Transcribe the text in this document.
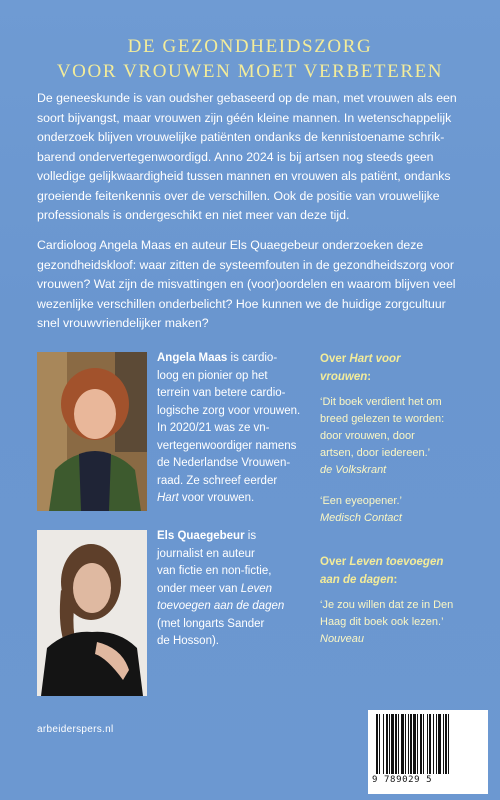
DE GEZONDHEIDSZORG
VOOR VROUWEN MOET VERBETEREN
De geneeskunde is van oudsher gebaseerd op de man, met vrouwen als een
soort bijvangst, maar vrouwen zijn géén kleine mannen. In wetenschappelijk
onderzoek blijven vrouwelijke patiënten ondanks de kennistoename schrik-
barend ondervertegenwoordigd. Anno 2024 is bij artsen nog steeds geen
volledige gelijkwaardigheid tussen mannen en vrouwen als patiënt, ondanks
groeiende feitenkennis over de verschillen. Ook de positie van vrouwelijke
professionals is ondergeschikt en niet meer van deze tijd.
Cardioloog Angela Maas en auteur Els Quaegebeur onderzoeken deze
gezondheidskloof: waar zitten de systeemfouten in de gezondheidszorg voor
vrouwen? Wat zijn de misvattingen en (voor)oordelen en waarom blijven veel
wezenlijke verschillen onderbelicht? Hoe kunnen we de huidige zorgcultuur
snel vrouwvriendelijker maken?
Angela Maas is cardio-
loog en pionier op het
terrein van betere cardio-
logische zorg voor vrouwen.
In 2020/21 was ze vn-
vertegenwoordiger namens
de Nederlandse Vrouwen-
raad. Ze schreef eerder
Hart voor vrouwen.
Els Quaegebeur is
journalist en auteur
van fictie en non-fictie,
onder meer van Leven
toevoegen aan de dagen
(met longarts Sander
de Hosson).
Over Hart voor
vrouwen:
‘Dit boek verdient het om
breed gelezen te worden:
door vrouwen, door
artsen, door iedereen.’
de Volkskrant
‘Een eyeopener.’
Medisch Contact
Over Leven toevoegen
aan de dagen:
‘Je zou willen dat ze in Den
Haag dit boek ook lezen.’
Nouveau
arbeiderspers.nl
9 789029 5
